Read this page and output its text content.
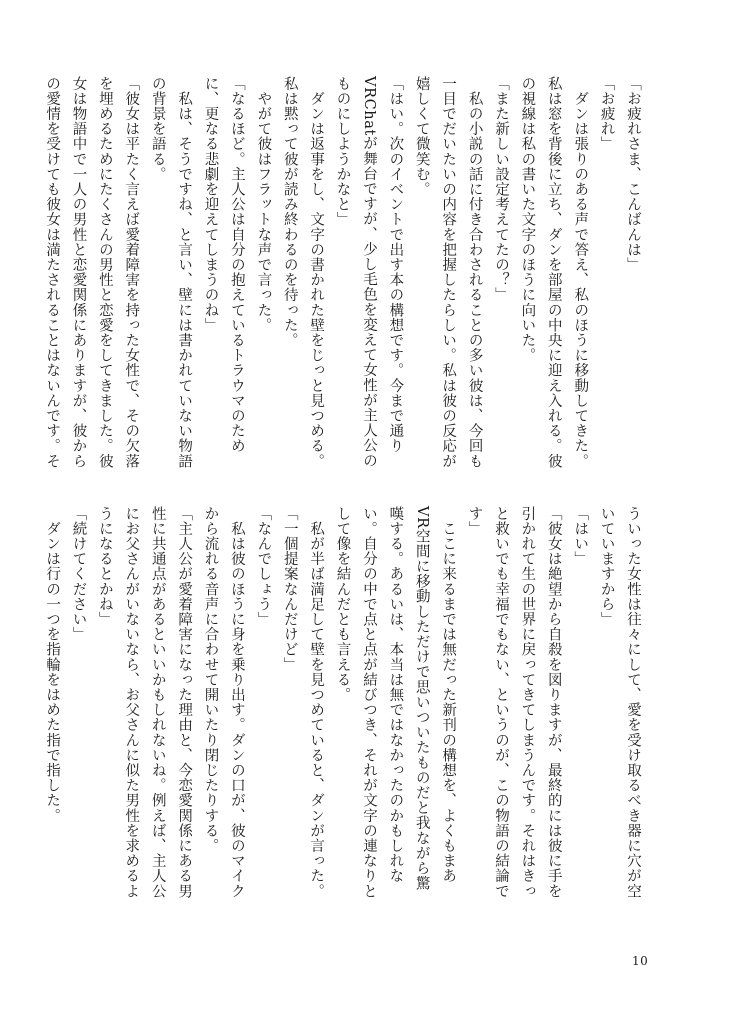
「お疲れさま、こんばんは」

「お疲れ」

　ダンは張りのある声で答え、私のほうに移動してきた。

私は窓を背後に立ち、ダンを部屋の中央に迎え入れる。彼の視線は私の書いた文字のほうに向いた。

「また新しい設定考えてたの？」

　私の小説の話に付き合わされることの多い彼は、今回も一目でだいたいの内容を把握したらしい。私は彼の反応が嬉しくて微笑む。

「はい。次のイベントで出す本の構想です。今まで通りVRChatが舞台ですが、少し毛色を変えて女性が主人公のものにしようかなと」

　ダンは返事をし、文字の書かれた壁をじっと見つめる。私は黙って彼が読み終わるのを待った。

　やがて彼はフラットな声で言った。

「なるほど。主人公は自分の抱えているトラウマのために、更なる悲劇を迎えてしまうのね」

　私は、そうですね、と言い、壁には書かれていない物語の背景を語る。

「彼女は平たく言えば愛着障害を持った女性で、その欠落を埋めるためにたくさんの男性と恋愛をしてきました。彼女は物語中で一人の男性と恋愛関係にありますが、彼からの愛情を受けても彼女は満たされることはないんです。そ

ういった女性は往々にして、愛を受け取るべき器に穴が空いていますから」

「はい」

「彼女は絶望から自殺を図りますが、最終的には彼に手を引かれて生の世界に戻ってきてしまうんです。それはきっと救いでも幸福でもない、というのが、この物語の結論です」

　ここに来るまでは無だった新刊の構想を、よくもまあVR空間に移動しただけで思いついたものだと我ながら驚嘆する。あるいは、本当は無ではなかったのかもしれない。自分の中で点と点が結びつき、それが文字の連なりとして像を結んだとも言える。

　私が半ば満足して壁を見つめていると、ダンが言った。

「一個提案なんだけど」

「なんでしょう」

　私は彼のほうに身を乗り出す。ダンの口が、彼のマイクから流れる音声に合わせて開いたり閉じたりする。

「主人公が愛着障害になった理由と、今恋愛関係にある男性に共通点があるといいかもしれないね。例えば、主人公にお父さんがいないなら、お父さんに似た男性を求めるようになるとかね」

「続けてください」

　ダンは行の一つを指輪をはめた指で指した。

10
